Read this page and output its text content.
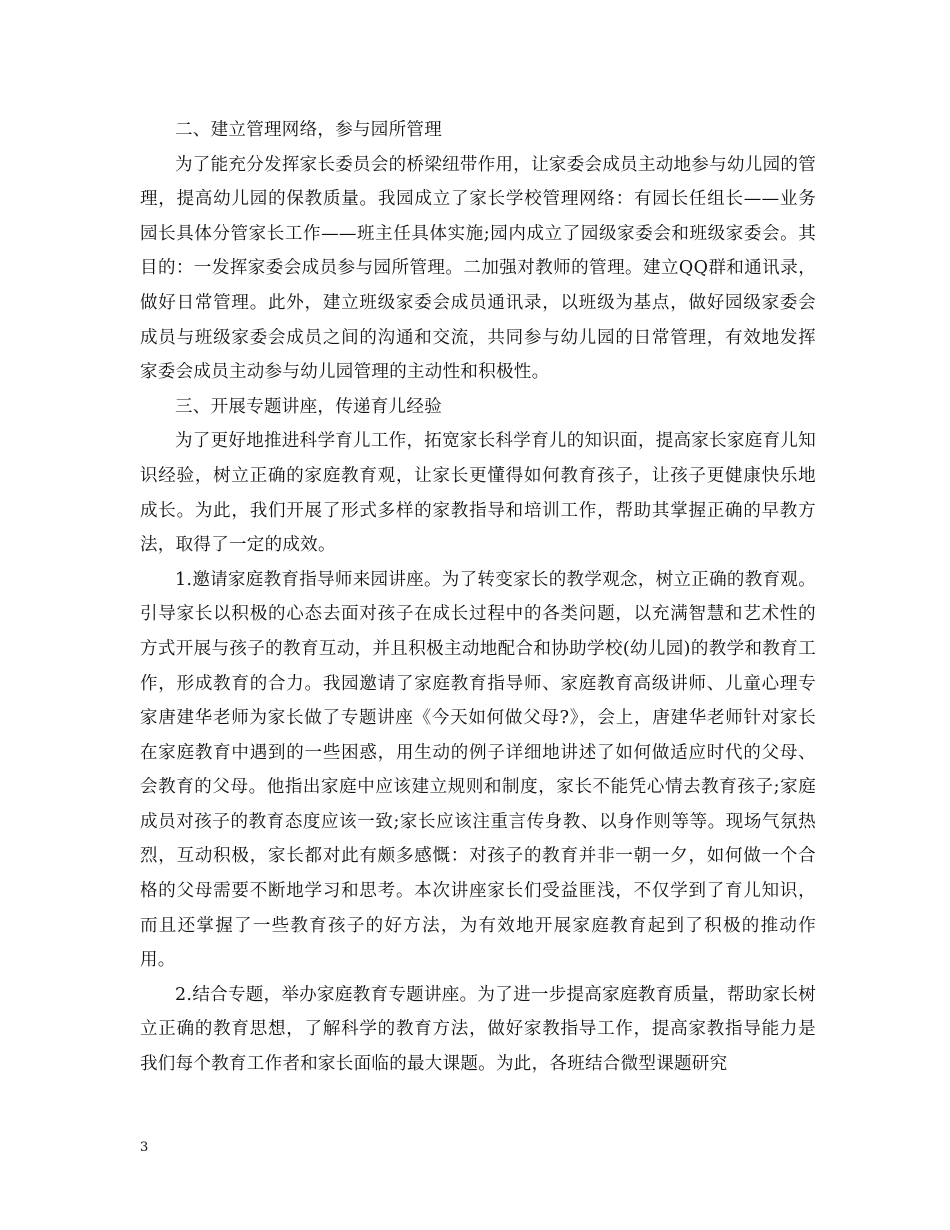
二、建立管理网络，参与园所管理

为了能充分发挥家长委员会的桥梁纽带作用，让家委会成员主动地参与幼儿园的管理，提高幼儿园的保教质量。我园成立了家长学校管理网络：有园长任组长——业务园长具体分管家长工作——班主任具体实施;园内成立了园级家委会和班级家委会。其目的：一发挥家委会成员参与园所管理。二加强对教师的管理。建立QQ群和通讯录，做好日常管理。此外，建立班级家委会成员通讯录，以班级为基点，做好园级家委会成员与班级家委会成员之间的沟通和交流，共同参与幼儿园的日常管理，有效地发挥家委会成员主动参与幼儿园管理的主动性和积极性。

三、开展专题讲座，传递育儿经验

为了更好地推进科学育儿工作，拓宽家长科学育儿的知识面，提高家长家庭育儿知识经验，树立正确的家庭教育观，让家长更懂得如何教育孩子，让孩子更健康快乐地成长。为此，我们开展了形式多样的家教指导和培训工作，帮助其掌握正确的早教方法，取得了一定的成效。

1.邀请家庭教育指导师来园讲座。为了转变家长的教学观念，树立正确的教育观。引导家长以积极的心态去面对孩子在成长过程中的各类问题，以充满智慧和艺术性的方式开展与孩子的教育互动，并且积极主动地配合和协助学校(幼儿园)的教学和教育工作，形成教育的合力。我园邀请了家庭教育指导师、家庭教育高级讲师、儿童心理专家唐建华老师为家长做了专题讲座《今天如何做父母?》，会上，唐建华老师针对家长在家庭教育中遇到的一些困惑，用生动的例子详细地讲述了如何做适应时代的父母、会教育的父母。他指出家庭中应该建立规则和制度，家长不能凭心情去教育孩子;家庭成员对孩子的教育态度应该一致;家长应该注重言传身教、以身作则等等。现场气氛热烈，互动积极，家长都对此有颇多感慨：对孩子的教育并非一朝一夕，如何做一个合格的父母需要不断地学习和思考。本次讲座家长们受益匪浅，不仅学到了育儿知识，而且还掌握了一些教育孩子的好方法，为有效地开展家庭教育起到了积极的推动作用。

2.结合专题，举办家庭教育专题讲座。为了进一步提高家庭教育质量，帮助家长树立正确的教育思想，了解科学的教育方法，做好家教指导工作，提高家教指导能力是我们每个教育工作者和家长面临的最大课题。为此，各班结合微型课题研究

3
